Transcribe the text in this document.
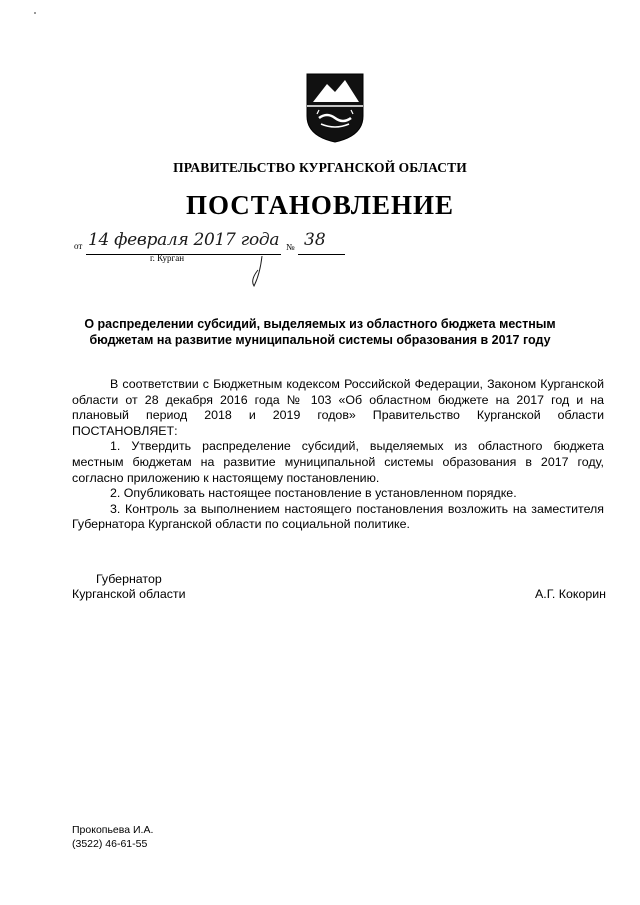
ПРАВИТЕЛЬСТВО КУРГАНСКОЙ ОБЛАСТИ
ПОСТАНОВЛЕНИЕ
от 14 февраля 2017 года № 38
г. Курган
О распределении субсидий, выделяемых из областного бюджета местным
бюджетам на развитие муниципальной системы образования в 2017 году

В соответствии с Бюджетным кодексом Российской Федерации, Законом Курганской области от 28 декабря 2016 года № 103 «Об областном бюджете на 2017 год и на плановый период 2018 и 2019 годов» Правительство Курганской области ПОСТАНОВЛЯЕТ:

1. Утвердить распределение субсидий, выделяемых из областного бюджета местным бюджетам на развитие муниципальной системы образования в 2017 году, согласно приложению к настоящему постановлению.

2. Опубликовать настоящее постановление в установленном порядке.

3. Контроль за выполнением настоящего постановления возложить на заместителя Губернатора Курганской области по социальной политике.

Губернатор
Курганской области	А.Г. Кокорин
Прокопьева И.А.
(3522) 46-61-55
